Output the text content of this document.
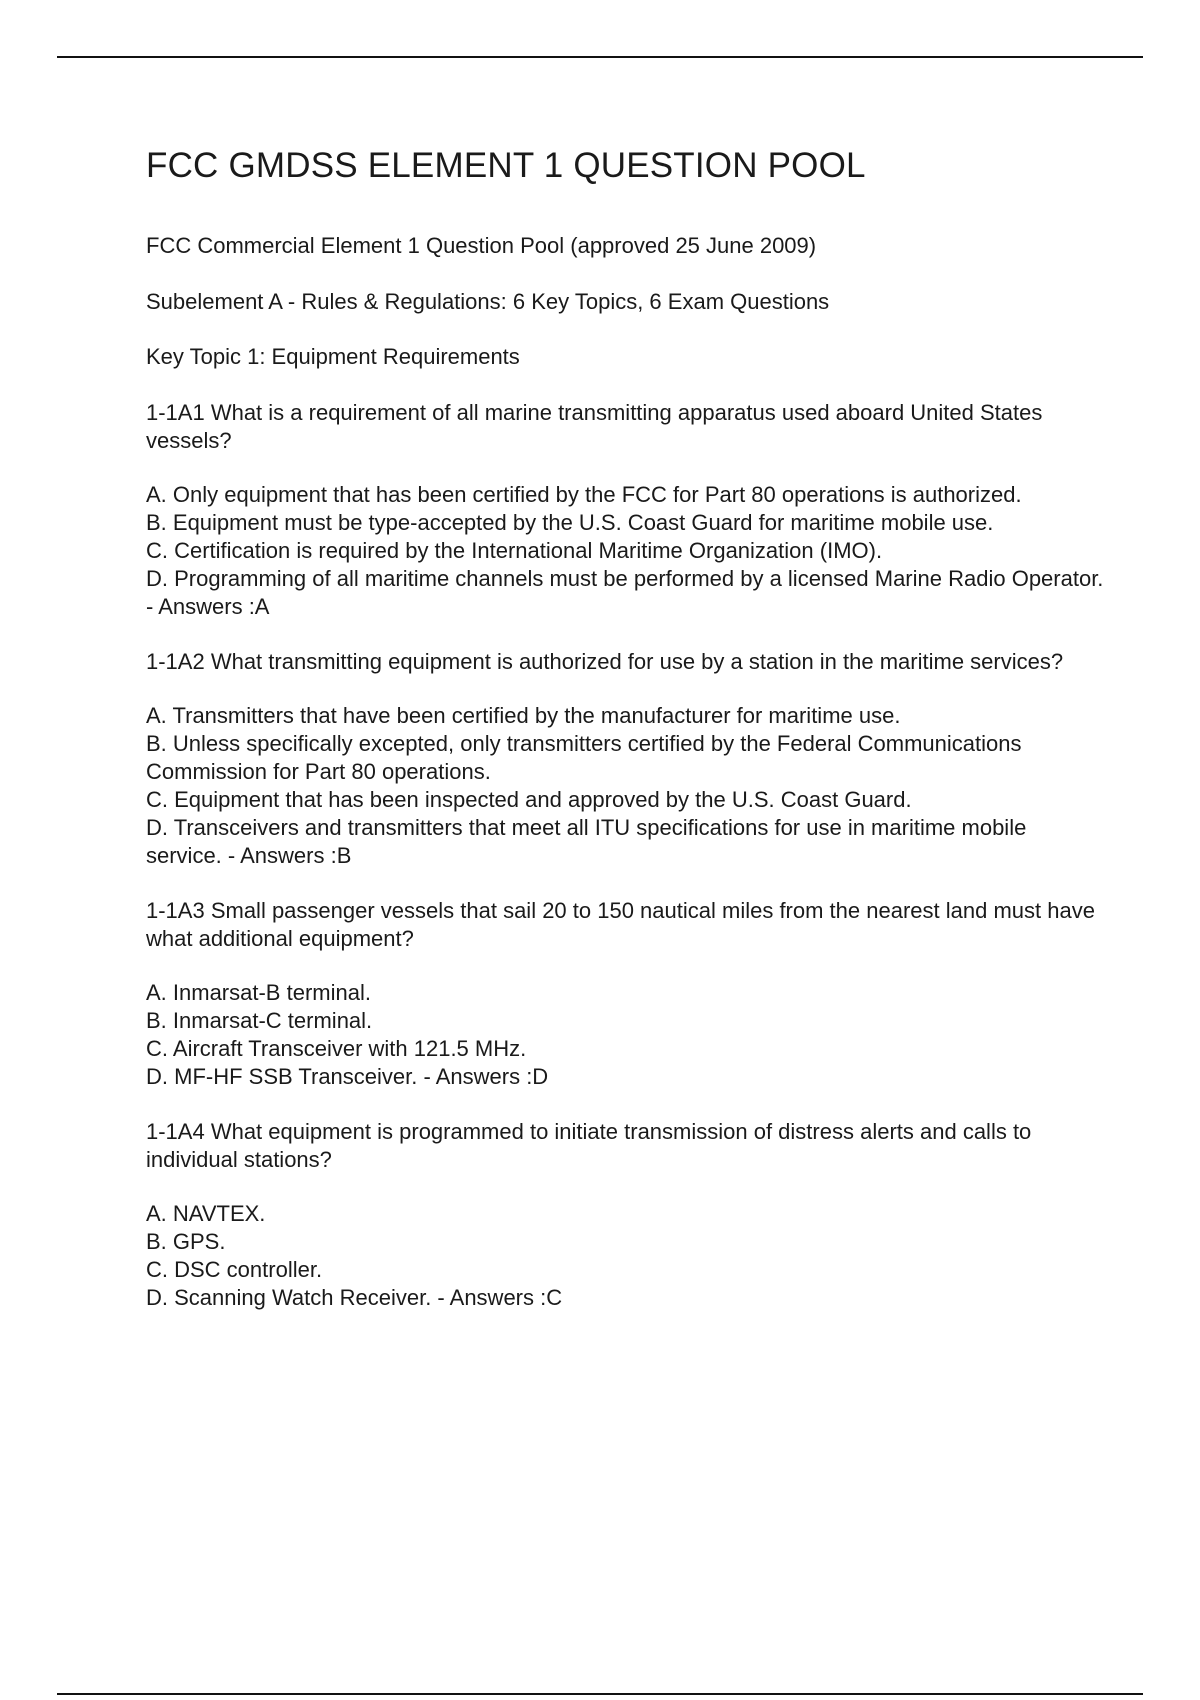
FCC GMDSS ELEMENT 1 QUESTION POOL

FCC Commercial Element 1 Question Pool (approved 25 June 2009)

Subelement A - Rules & Regulations: 6 Key Topics, 6 Exam Questions

Key Topic 1: Equipment Requirements

1-1A1 What is a requirement of all marine transmitting apparatus used aboard United States vessels?

A. Only equipment that has been certified by the FCC for Part 80 operations is authorized.
B. Equipment must be type-accepted by the U.S. Coast Guard for maritime mobile use.
C. Certification is required by the International Maritime Organization (IMO).
D. Programming of all maritime channels must be performed by a licensed Marine Radio Operator. - Answers :A

1-1A2 What transmitting equipment is authorized for use by a station in the maritime services?

A. Transmitters that have been certified by the manufacturer for maritime use.
B. Unless specifically excepted, only transmitters certified by the Federal Communications Commission for Part 80 operations.
C. Equipment that has been inspected and approved by the U.S. Coast Guard.
D. Transceivers and transmitters that meet all ITU specifications for use in maritime mobile service. - Answers :B

1-1A3 Small passenger vessels that sail 20 to 150 nautical miles from the nearest land must have what additional equipment?

A. Inmarsat-B terminal.
B. Inmarsat-C terminal.
C. Aircraft Transceiver with 121.5 MHz.
D. MF-HF SSB Transceiver. - Answers :D

1-1A4 What equipment is programmed to initiate transmission of distress alerts and calls to individual stations?

A. NAVTEX.
B. GPS.
C. DSC controller.
D. Scanning Watch Receiver. - Answers :C
